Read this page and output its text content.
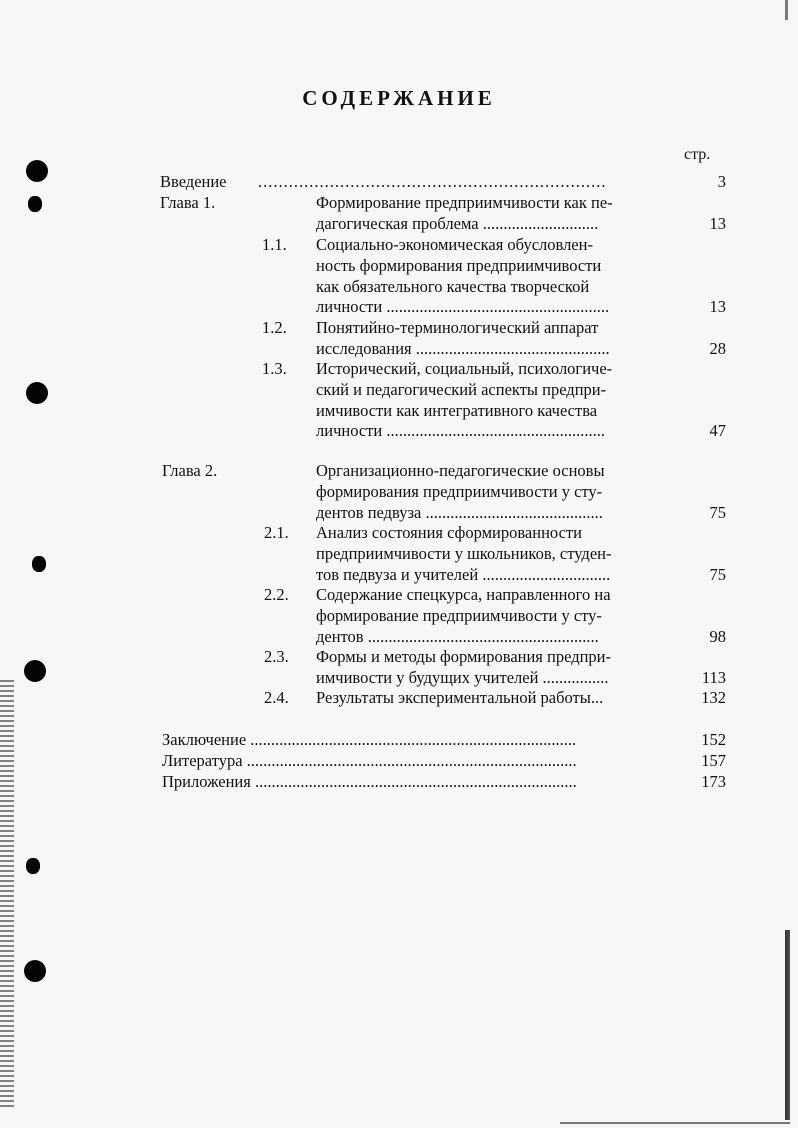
СОДЕРЖАНИЕ
стр.
Введение ....................................................................	3
Глава 1.	Формирование предприимчивости как пе-
дагогическая проблема ............................	13
1.1. Социально-экономическая обусловлен-
ность формирования предприимчивости
как обязательного качества творческой
личности ......................................................	13
1.2. Понятийно-терминологический аппарат
исследования ...............................................	28
1.3. Исторический, социальный, психологиче-
ский и педагогический аспекты предпри-
имчивости как интегративного качества
личности .....................................................	47
Глава 2.	Организационно-педагогические основы
формирования предприимчивости у сту-
дентов педвуза ...........................................	75
2.1. Анализ состояния сформированности
предприимчивости у школьников, студен-
тов педвуза и учителей ...............................	75
2.2. Содержание спецкурса, направленного на
формирование предприимчивости у сту-
дентов ........................................................	98
2.3. Формы и методы формирования предпри-
имчивости у будущих учителей ................	113
2.4. Результаты экспериментальной работы...	132
Заключение ...............................................................................	152
Литература ................................................................................	157
Приложения ..............................................................................	173
